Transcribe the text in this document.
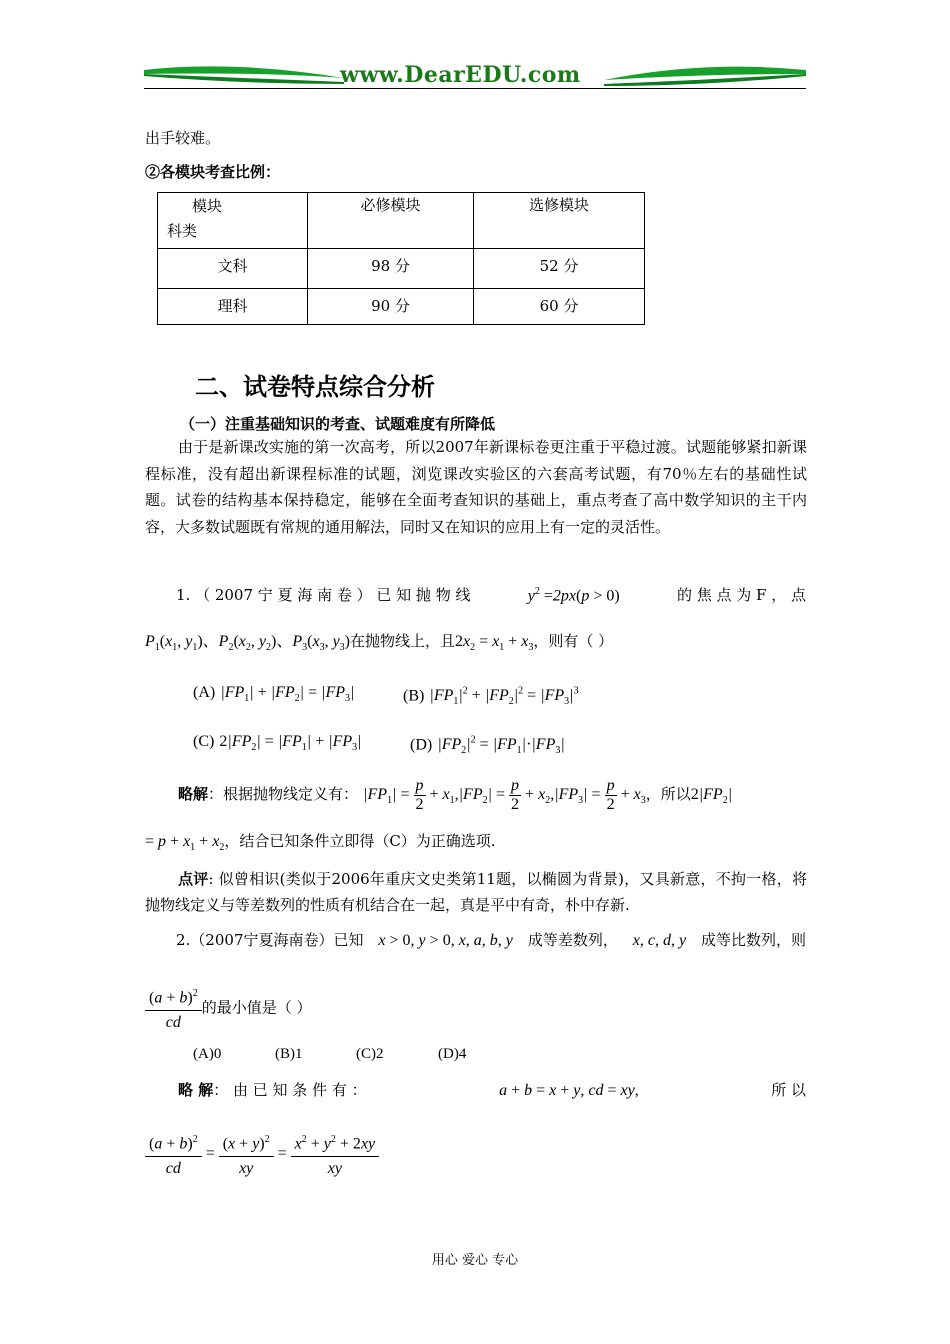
www.DearEDU.com
出手较难。
②各模块考查比例：
模块
科类	必修模块	选修模块
文科	98 分	52 分
理科	90 分	60 分
二、试卷特点综合分析
（一）注重基础知识的考查、试题难度有所降低
由于是新课改实施的第一次高考，所以2007年新课标卷更注重于平稳过渡。试题能够紧扣新课程标准，没有超出新课程标准的试题，浏览课改实验区的六套高考试题，有70％左右的基础性试题。试卷的结构基本保持稳定，能够在全面考查知识的基础上，重点考查了高中数学知识的主干内容，大多数试题既有常规的通用解法，同时又在知识的应用上有一定的灵活性。
1. （ 2007 宁 夏 海 南 卷 ） 已 知 抛 物 线	$y^2 =2px(p > 0)$	的 焦 点 为 F ， 点
$P_1(x_1$, $y_1$)、$P_2(x_2$, $y_2$)、$P_3(x_3$, $y_3$)在抛物线上，且$2x_2 = x_1 + x_3$，则有（ ）
(A) $|FP_1| + |FP_2| = |FP_3|$	(B) $|FP_1|^2 + |FP_2|^2 = |FP_3|^3$
(C) $2|FP_2| = |FP_1| + |FP_3|$	(D) $|FP_2|^2 = |FP_1|\cdot|FP_3|$
略解：根据抛物线定义有： $|FP_1| = \frac{p}{2} + x_1,|FP_2| = \frac{p}{2} + x_2,|FP_3| = \frac{p}{2} + x_3$，所以$2|FP_2|$
= $p + x_1 + x_2$，结合已知条件立即得（C）为正确选项.
点评: 似曾相识(类似于2006年重庆文史类第11题，以椭圆为背景)，又具新意，不拘一格，将抛物线定义与等差数列的性质有机结合在一起，真是平中有奇，朴中存新.
2.（2007宁夏海南卷）已知 x > 0, y > 0, x, a, b, y 成等差数列， x, c, d, y 成等比数列，则
$\frac{(a + b)^2}{cd}$ 的最小值是（ ）
(A)0	(B)1	(C)2	(D)4
略 解： 由 已 知 条 件 有 ：	a + b = x + y, cd = xy,	所 以
$\frac{(a + b)^2}{cd} = \frac{(x + y)^2}{xy} = \frac{x^2 + y^2 + 2xy}{xy}$
用心 爱心 专心
